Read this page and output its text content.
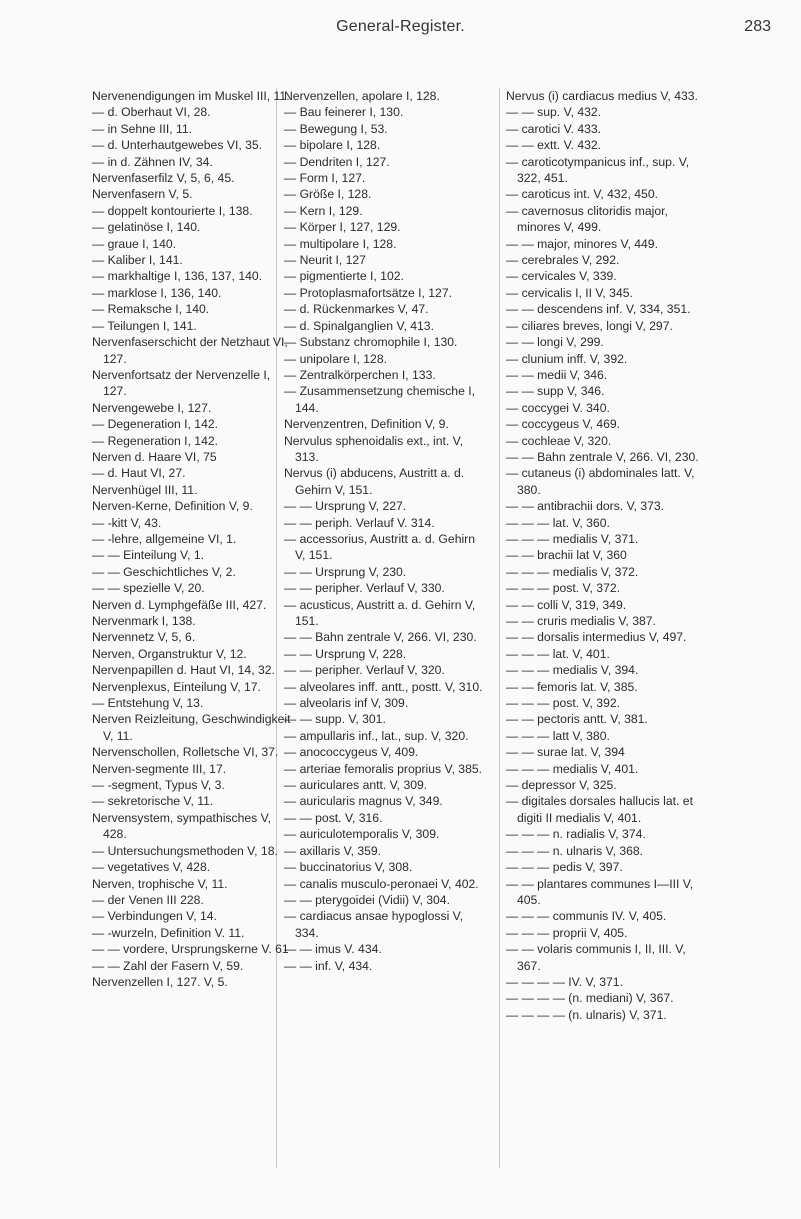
General-Register.	283
Nervenendigungen im Muskel III, 11.
— d. Oberhaut VI, 28.
— in Sehne III, 11.
— d. Unterhautgewebes VI, 35.
— in d. Zähnen IV, 34.
Nervenfaserfilz V, 5, 6, 45.
Nervenfasern V, 5.
— doppelt kontourierte I, 138.
— gelatinöse I, 140.
— graue I, 140.
— Kaliber I, 141.
— markhaltige I, 136, 137, 140.
— marklose I, 136, 140.
— Remaksche I, 140.
— Teilungen I, 141.
Nervenfaserschicht der Netzhaut VI, 127.
Nervenfortsatz der Nervenzelle I, 127.
Nervengewebe I, 127.
— Degeneration I, 142.
— Regeneration I, 142.
Nerven d. Haare VI, 75
— d. Haut VI, 27.
Nervenhügel III, 11.
Nerven-Kerne, Definition V, 9.
— -kitt V, 43.
— -lehre, allgemeine VI, 1.
— — Einteilung V, 1.
— — Geschichtliches V, 2.
— — spezielle V, 20.
Nerven d. Lymphgefäße III, 427.
Nervenmark I, 138.
Nervennetz V, 5, 6.
Nerven, Organstruktur V, 12.
Nervenpapillen d. Haut VI, 14, 32.
Nervenplexus, Einteilung V, 17.
— Entstehung V, 13.
Nerven Reizleitung, Geschwindigkeit V, 11.
Nervenschollen, Rolletsche VI, 37.
Nerven-segmente III, 17.
— -segment, Typus V, 3.
— sekretorische V, 11.
Nervensystem, sympathisches V, 428.
— Untersuchungsmethoden V, 18.
— vegetatives V, 428.
Nerven, trophische V, 11.
— der Venen III 228.
— Verbindungen V, 14.
— -wurzeln, Definition V. 11.
— — vordere, Ursprungskerne V. 61
— — Zahl der Fasern V, 59.
Nervenzellen I, 127. V, 5.
Nervenzellen, apolare I, 128.
— Bau feinerer I, 130.
— Bewegung I, 53.
— bipolare I, 128.
— Dendriten I, 127.
— Form I, 127.
— Größe I, 128.
— Kern I, 129.
— Körper I, 127, 129.
— multipolare I, 128.
— Neurit I, 127
— pigmentierte I, 102.
— Protoplasmafortsätze I, 127.
— d. Rückenmarkes V, 47.
— d. Spinalganglien V, 413.
— Substanz chromophile I, 130.
— unipolare I, 128.
— Zentralkörperchen I, 133.
— Zusammensetzung chemische I, 144.
Nervenzentren, Definition V, 9.
Nervulus sphenoidalis ext., int. V, 313.
Nervus (i) abducens, Austritt a. d. Gehirn V, 151.
— — Ursprung V, 227.
— — periph. Verlauf V. 314.
— accessorius, Austritt a. d. Gehirn V, 151.
— — Ursprung V, 230.
— — peripher. Verlauf V, 330.
— acusticus, Austritt a. d. Gehirn V, 151.
— — Bahn zentrale V, 266. VI, 230.
— — Ursprung V, 228.
— — peripher. Verlauf V, 320.
— alveolares inff. antt., postt. V, 310.
— alveolaris inf V, 309.
— — supp. V, 301.
— ampullaris inf., lat., sup. V, 320.
— anococcygeus V, 409.
— arteriae femoralis proprius V, 385.
— auriculares antt. V, 309.
— auricularis magnus V, 349.
— — post. V, 316.
— auriculotemporalis V, 309.
— axillaris V, 359.
— buccinatorius V, 308.
— canalis musculo-peronaei V, 402.
— — pterygoidei (Vidii) V, 304.
— cardiacus ansae hypoglossi V, 334.
— — imus V. 434.
— — inf. V, 434.
Nervus (i) cardiacus medius V, 433.
— — sup. V, 432.
— carotici V. 433.
— — extt. V. 432.
— caroticotympanicus inf., sup. V, 322, 451.
— caroticus int. V, 432, 450.
— cavernosus clitoridis major, minores V, 499.
— — major, minores V, 449.
— cerebrales V, 292.
— cervicales V, 339.
— cervicalis I, II V, 345.
— — descendens inf. V, 334, 351.
— ciliares breves, longi V, 297.
— — longi V, 299.
— clunium inff. V, 392.
— — medii V, 346.
— — supp V, 346.
— coccygei V. 340.
— coccygeus V, 469.
— cochleae V, 320.
— — Bahn zentrale V, 266. VI, 230.
— cutaneus (i) abdominales latt. V, 380.
— — antibrachii dors. V, 373.
— — — lat. V, 360.
— — — medialis V, 371.
— — brachii lat V, 360
— — — medialis V, 372.
— — — post. V, 372.
— — colli V, 319, 349.
— — cruris medialis V, 387.
— — dorsalis intermedius V, 497.
— — — lat. V, 401.
— — — medialis V, 394.
— — femoris lat. V, 385.
— — — post. V, 392.
— — pectoris antt. V, 381.
— — — latt V, 380.
— — surae lat. V, 394
— — — medialis V, 401.
— depressor V, 325.
— digitales dorsales hallucis lat. et digiti II medialis V, 401.
— — — n. radialis V, 374.
— — — n. ulnaris V, 368.
— — — pedis V, 397.
— — plantares communes I—III V, 405.
— — — communis IV. V, 405.
— — — proprii V, 405.
— — volaris communis I, II, III. V, 367.
— — — — IV. V, 371.
— — — — (n. mediani) V, 367.
— — — — (n. ulnaris) V, 371.
